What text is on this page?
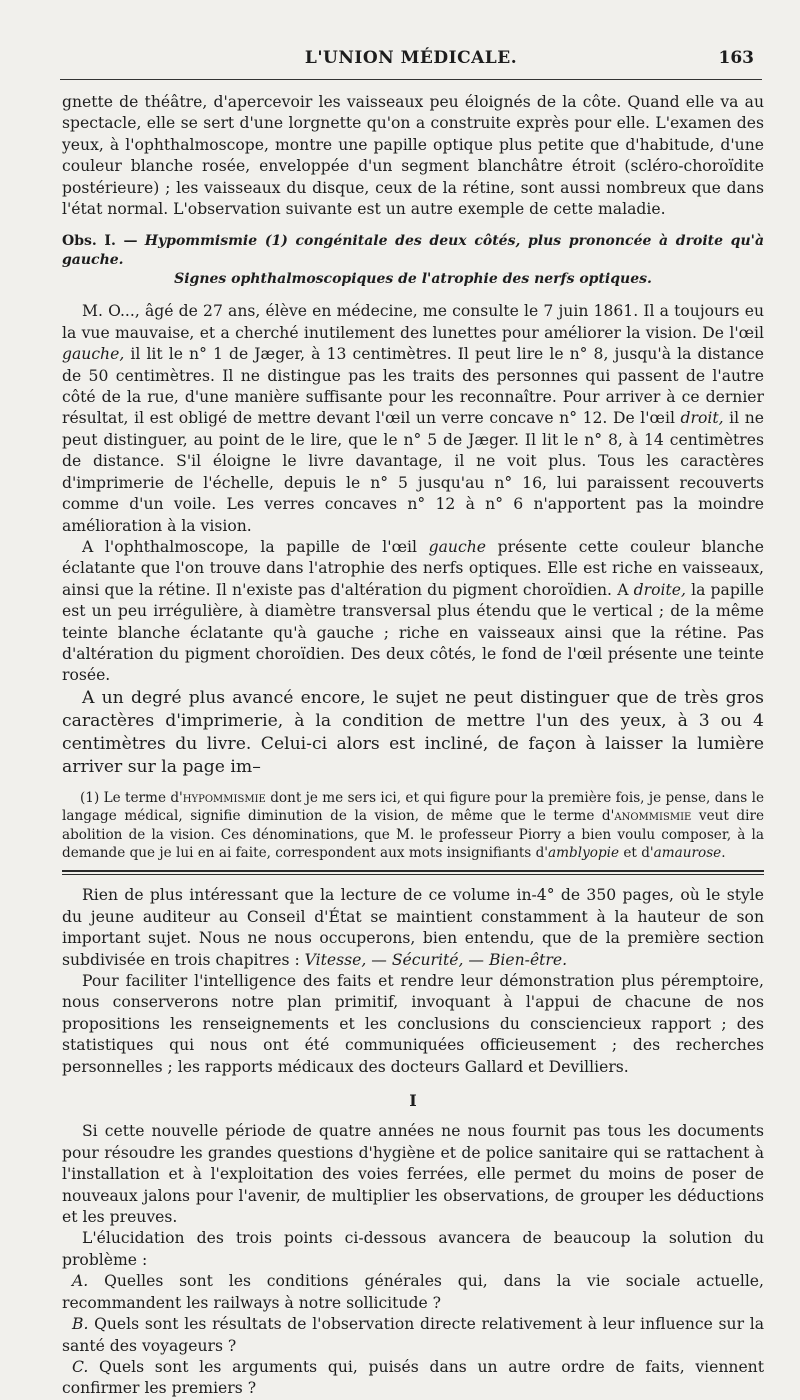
L'UNION MÉDICALE.	163

gnette de théâtre, d'apercevoir les vaisseaux peu éloignés de la côte. Quand elle va au spectacle, elle se sert d'une lorgnette qu'on a construite exprès pour elle. L'examen des yeux, à l'ophthalmoscope, montre une papille optique plus petite que d'habitude, d'une couleur blanche rosée, enveloppée d'un segment blanchâtre étroit (scléro-choroïdite postérieure) ; les vaisseaux du disque, ceux de la rétine, sont aussi nombreux que dans l'état normal. L'observation suivante est un autre exemple de cette maladie.

Obs. I. — Hypommismie (1) congénitale des deux côtés, plus prononcée à droite qu'à gauche.
Signes ophthalmoscopiques de l'atrophie des nerfs optiques.

M. O..., âgé de 27 ans, élève en médecine, me consulte le 7 juin 1861. Il a toujours eu la vue mauvaise, et a cherché inutilement des lunettes pour améliorer la vision. De l'œil gauche, il lit le n° 1 de Jæger, à 13 centimètres. Il peut lire le n° 8, jusqu'à la distance de 50 centimètres. Il ne distingue pas les traits des personnes qui passent de l'autre côté de la rue, d'une manière suffisante pour les reconnaître. Pour arriver à ce dernier résultat, il est obligé de mettre devant l'œil un verre concave n° 12. De l'œil droit, il ne peut distinguer, au point de le lire, que le n° 5 de Jæger. Il lit le n° 8, à 14 centimètres de distance. S'il éloigne le livre davantage, il ne voit plus. Tous les caractères d'imprimerie de l'échelle, depuis le n° 5 jusqu'au n° 16, lui paraissent recouverts comme d'un voile. Les verres concaves n° 12 à n° 6 n'apportent pas la moindre amélioration à la vision.

A l'ophthalmoscope, la papille de l'œil gauche présente cette couleur blanche éclatante que l'on trouve dans l'atrophie des nerfs optiques. Elle est riche en vaisseaux, ainsi que la rétine. Il n'existe pas d'altération du pigment choroïdien. A droite, la papille est un peu irrégulière, à diamètre transversal plus étendu que le vertical ; de la même teinte blanche éclatante qu'à gauche ; riche en vaisseaux ainsi que la rétine. Pas d'altération du pigment choroïdien. Des deux côtés, le fond de l'œil présente une teinte rosée.

A un degré plus avancé encore, le sujet ne peut distinguer que de très gros caractères d'imprimerie, à la condition de mettre l'un des yeux, à 3 ou 4 centimètres du livre. Celui-ci alors est incliné, de façon à laisser la lumière arriver sur la page im–

(1) Le terme d'hypommismie dont je me sers ici, et qui figure pour la première fois, je pense, dans le langage médical, signifie diminution de la vision, de même que le terme d'anommismie veut dire abolition de la vision. Ces dénominations, que M. le professeur Piorry a bien voulu composer, à la demande que je lui en ai faite, correspondent aux mots insignifiants d'amblyopie et d'amaurose.

Rien de plus intéressant que la lecture de ce volume in-4° de 350 pages, où le style du jeune auditeur au Conseil d'État se maintient constamment à la hauteur de son important sujet. Nous ne nous occuperons, bien entendu, que de la première section subdivisée en trois chapitres : Vitesse, — Sécurité, — Bien-être.

Pour faciliter l'intelligence des faits et rendre leur démonstration plus péremptoire, nous conserverons notre plan primitif, invoquant à l'appui de chacune de nos propositions les renseignements et les conclusions du consciencieux rapport ; des statistiques qui nous ont été communiquées officieusement ; des recherches personnelles ; les rapports médicaux des docteurs Gallard et Devilliers.

I

Si cette nouvelle période de quatre années ne nous fournit pas tous les documents pour résoudre les grandes questions d'hygiène et de police sanitaire qui se rattachent à l'installation et à l'exploitation des voies ferrées, elle permet du moins de poser de nouveaux jalons pour l'avenir, de multiplier les observations, de grouper les déductions et les preuves.

L'élucidation des trois points ci-dessous avancera de beaucoup la solution du problème :

A. Quelles sont les conditions générales qui, dans la vie sociale actuelle, recommandent les railways à notre sollicitude ?

B. Quels sont les résultats de l'observation directe relativement à leur influence sur la santé des voyageurs ?

C. Quels sont les arguments qui, puisés dans un autre ordre de faits, viennent confirmer les premiers ?
